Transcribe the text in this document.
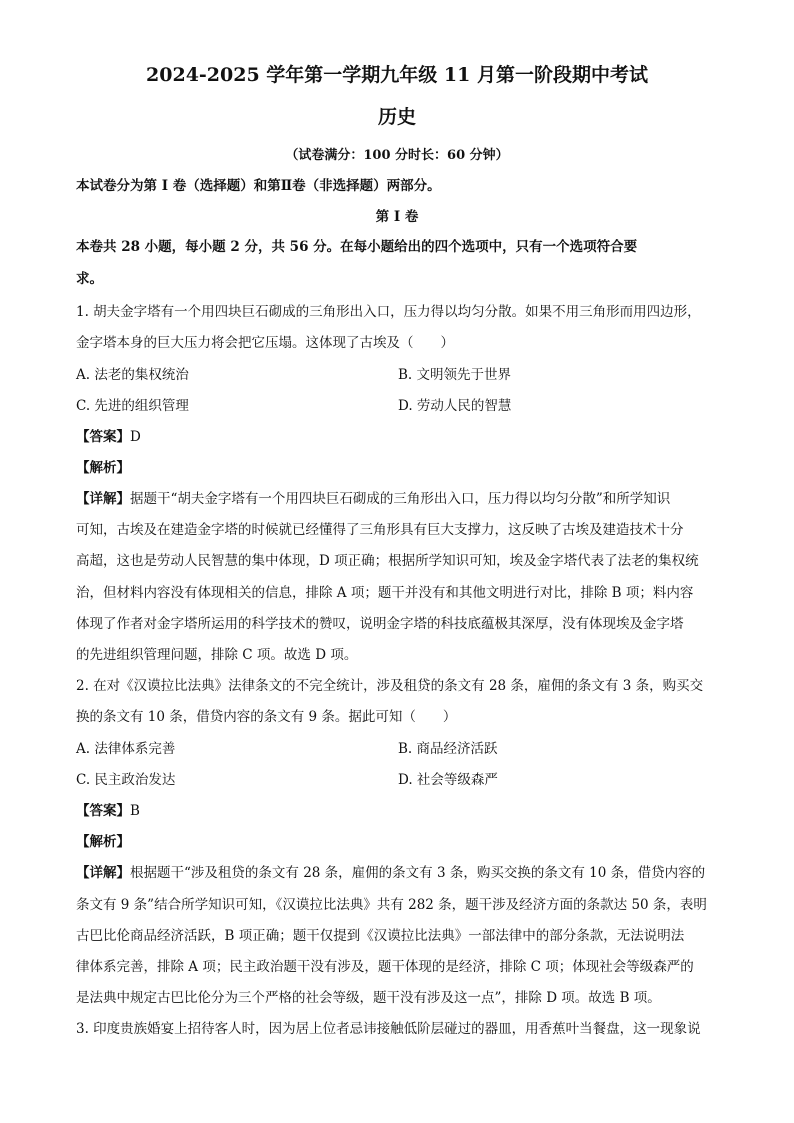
2024-2025 学年第一学期九年级 11 月第一阶段期中考试
历史
（试卷满分：100 分时长：60 分钟）
本试卷分为第 I 卷（选择题）和第Ⅱ卷（非选择题）两部分。
第 I 卷
本卷共 28 小题，每小题 2 分，共 56 分。在每小题给出的四个选项中，只有一个选项符合要
求。
1. 胡夫金字塔有一个用四块巨石砌成的三角形出入口，压力得以均匀分散。如果不用三角形而用四边形，
金字塔本身的巨大压力将会把它压塌。这体现了古埃及（　　）
A. 法老的集权统治	B. 文明领先于世界
C. 先进的组织管理	D. 劳动人民的智慧
【答案】D
【解析】
【详解】据题干“胡夫金字塔有一个用四块巨石砌成的三角形出入口，压力得以均匀分散”和所学知识
可知，古埃及在建造金字塔的时候就已经懂得了三角形具有巨大支撑力，这反映了古埃及建造技术十分
高超，这也是劳动人民智慧的集中体现，D 项正确；根据所学知识可知，埃及金字塔代表了法老的集权统
治，但材料内容没有体现相关的信息，排除 A 项；题干并没有和其他文明进行对比，排除 B 项；料内容
体现了作者对金字塔所运用的科学技术的赞叹，说明金字塔的科技底蕴极其深厚，没有体现埃及金字塔
的先进组织管理问题，排除 C 项。故选 D 项。
2. 在对《汉谟拉比法典》法律条文的不完全统计，涉及租贷的条文有 28 条，雇佣的条文有 3 条，购买交
换的条文有 10 条，借贷内容的条文有 9 条。据此可知（　　）
A. 法律体系完善	B. 商品经济活跃
C. 民主政治发达	D. 社会等级森严
【答案】B
【解析】
【详解】根据题干“涉及租贷的条文有 28 条，雇佣的条文有 3 条，购买交换的条文有 10 条，借贷内容的
条文有 9 条”结合所学知识可知，《汉谟拉比法典》共有 282 条，题干涉及经济方面的条款达 50 条，表明
古巴比伦商品经济活跃，B 项正确；题干仅提到《汉谟拉比法典》一部法律中的部分条款，无法说明法
律体系完善，排除 A 项；民主政治题干没有涉及，题干体现的是经济，排除 C 项；体现社会等级森严的
是法典中规定古巴比伦分为三个严格的社会等级，题干没有涉及这一点”，排除 D 项。故选 B 项。
3. 印度贵族婚宴上招待客人时，因为居上位者忌讳接触低阶层碰过的器皿，用香蕉叶当餐盘，这一现象说
